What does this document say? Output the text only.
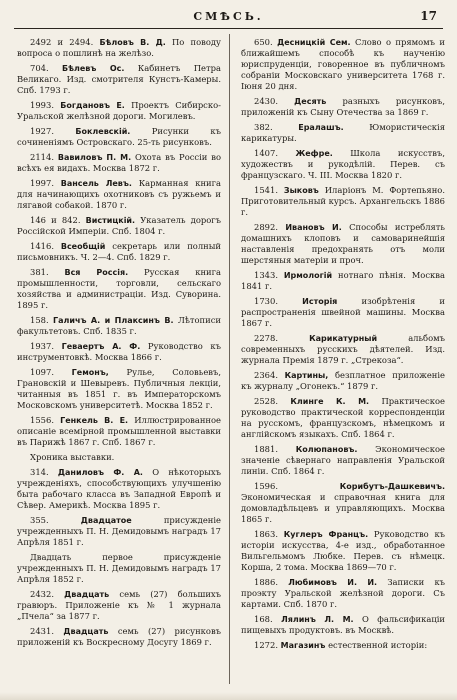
СМѢСЬ.	17

2492 и 2494. Бѣловъ В. Д. По поводу вопроса о пошлинѣ на желѣзо.

704. Бѣлевъ Ос. Кабинетъ Петра Великаго. Изд. смотрителя Кунстъ-Камеры. Спб. 1793 г.

1993. Богдановъ Е. Проектъ Сибирско-Уральской желѣзной дороги. Могилевъ.

1927.	Боклевскій.	Рисунки къ сочиненіямъ Островскаго. 25-ть рисунковъ.

2114. Вавиловъ П. М. Охота въ Россіи во всѣхъ ея видахъ. Москва 1872 г.

1997. Вансель Левъ. Карманная книга для начинающихъ охотниковъ съ ружьемъ и лягавой собакой. 1870 г.

146 и 842. Вистицкій. Указатель дорогъ Россійской Имперіи. Спб. 1804 г.

1416. Всеобщій секретарь или полный письмовникъ. Ч. 2—4. Спб. 1829 г.

381. Вся Россія. Русская книга промышленности, торговли, сельскаго хозяйства и администраціи. Изд. Суворина. 1895 г.

158. Галичъ А. и Плаксинъ В. Лѣтописи факультетовъ. Спб. 1835 г.

1937. Геваертъ А. Ф. Руководство къ инструментовкѣ. Москва 1866 г.

1097. Гемонъ, Рулье, Соловьевъ, Грановскій и Шевыревъ. Публичныя лекціи, читанныя въ 1851 г. въ Императорскомъ Московскомъ университетѣ. Москва 1852 г.

1556. Генкель В. Е. Иллюстрированное описаніе всемірной промышленной выставки въ Парижѣ 1867 г. Спб. 1867 г.

Хроника выставки.

314. Даниловъ Ф. А. О нѣкоторыхъ учрежденіяхъ, способствующихъ улучшенію быта рабочаго класса въ Западной Европѣ и Сѣвер. Америкѣ. Москва 1895 г.

355.	Двадцатое	присужденіе учрежденныхъ П. Н. Демидовымъ наградъ 17 Апрѣля 1851 г.

Двадцать первое присужденіе учрежденныхъ П. Н. Демидовымъ наградъ 17 Апрѣля 1852 г.

2432. Двадцать семь (27) большихъ гравюръ. Приложеніе къ № 1 журнала „Пчела“ за 1877 г.

2431. Двадцать семь (27) рисунковъ приложеній къ Воскресному Досугу 1869 г.

650. Десницкій Сем. Слово о прямомъ и ближайшемъ способѣ къ наученію юриспруденціи, говоренное въ публичномъ собраніи Московскаго университета 1768 г. Іюня 20 дня.

2430. Десять разныхъ рисунковъ, приложеній къ Сыну Отечества за 1869 г.

382.	Ералашъ.	Юмористическія карикатуры.

1407. Жефре. Школа искусствъ, художествъ и рукодѣлій. Перев. съ французскаго. Ч. III. Москва 1820 г.

1541. Зыковъ Иларіонъ М. Фортепьяно. Приготовительный курсъ. Архангельскъ 1886 г.

2892. Ивановъ И. Способы истреблять домашнихъ клоповъ и самоваринейшія наставленія предохранять отъ моли шерстяныя матеріи и проч.

1343. Ирмологій нотнаго пѣнія. Москва 1841 г.

1730.	Исторія	изобрѣтенія и распространенія швейной машины. Москва 1867 г.

2278.	Карикатурный	альбомъ современныхъ русскихъ дѣятелей. Изд. журнала Премія 1879 г. „Стрекоза“.

2364. Картины, безплатное приложеніе къ журналу „Огонекъ.“ 1879 г.

2528. Клинге К. М. Практическое руководство практической корреспонденціи на русскомъ, французскомъ, нѣмецкомъ и англійскомъ языкахъ. Спб. 1864 г.

1881. Колюпановъ. Экономическое значеніе сѣвернаго направленія Уральской линіи. Спб. 1864 г.

1596.	Корибутъ-Дашкевичъ. Экономическая и справочная книга для домовладѣльцевъ и управляющихъ. Москва 1865 г.

1863. Куглеръ Францъ. Руководство къ исторіи искусства, 4-е изд., обработанное Вильгельмомъ Любке. Перев. съ нѣмецк. Корша, 2 тома. Москва 1869—70 г.

1886. Любимовъ И. И. Записки къ проэкту Уральской желѣзной дороги. Съ картами. Спб. 1870 г.

168. Лялинъ Л. М. О фальсификаціи пищевыхъ продуктовъ. въ Москвѣ.

1272. Магазинъ естественной исторіи:
